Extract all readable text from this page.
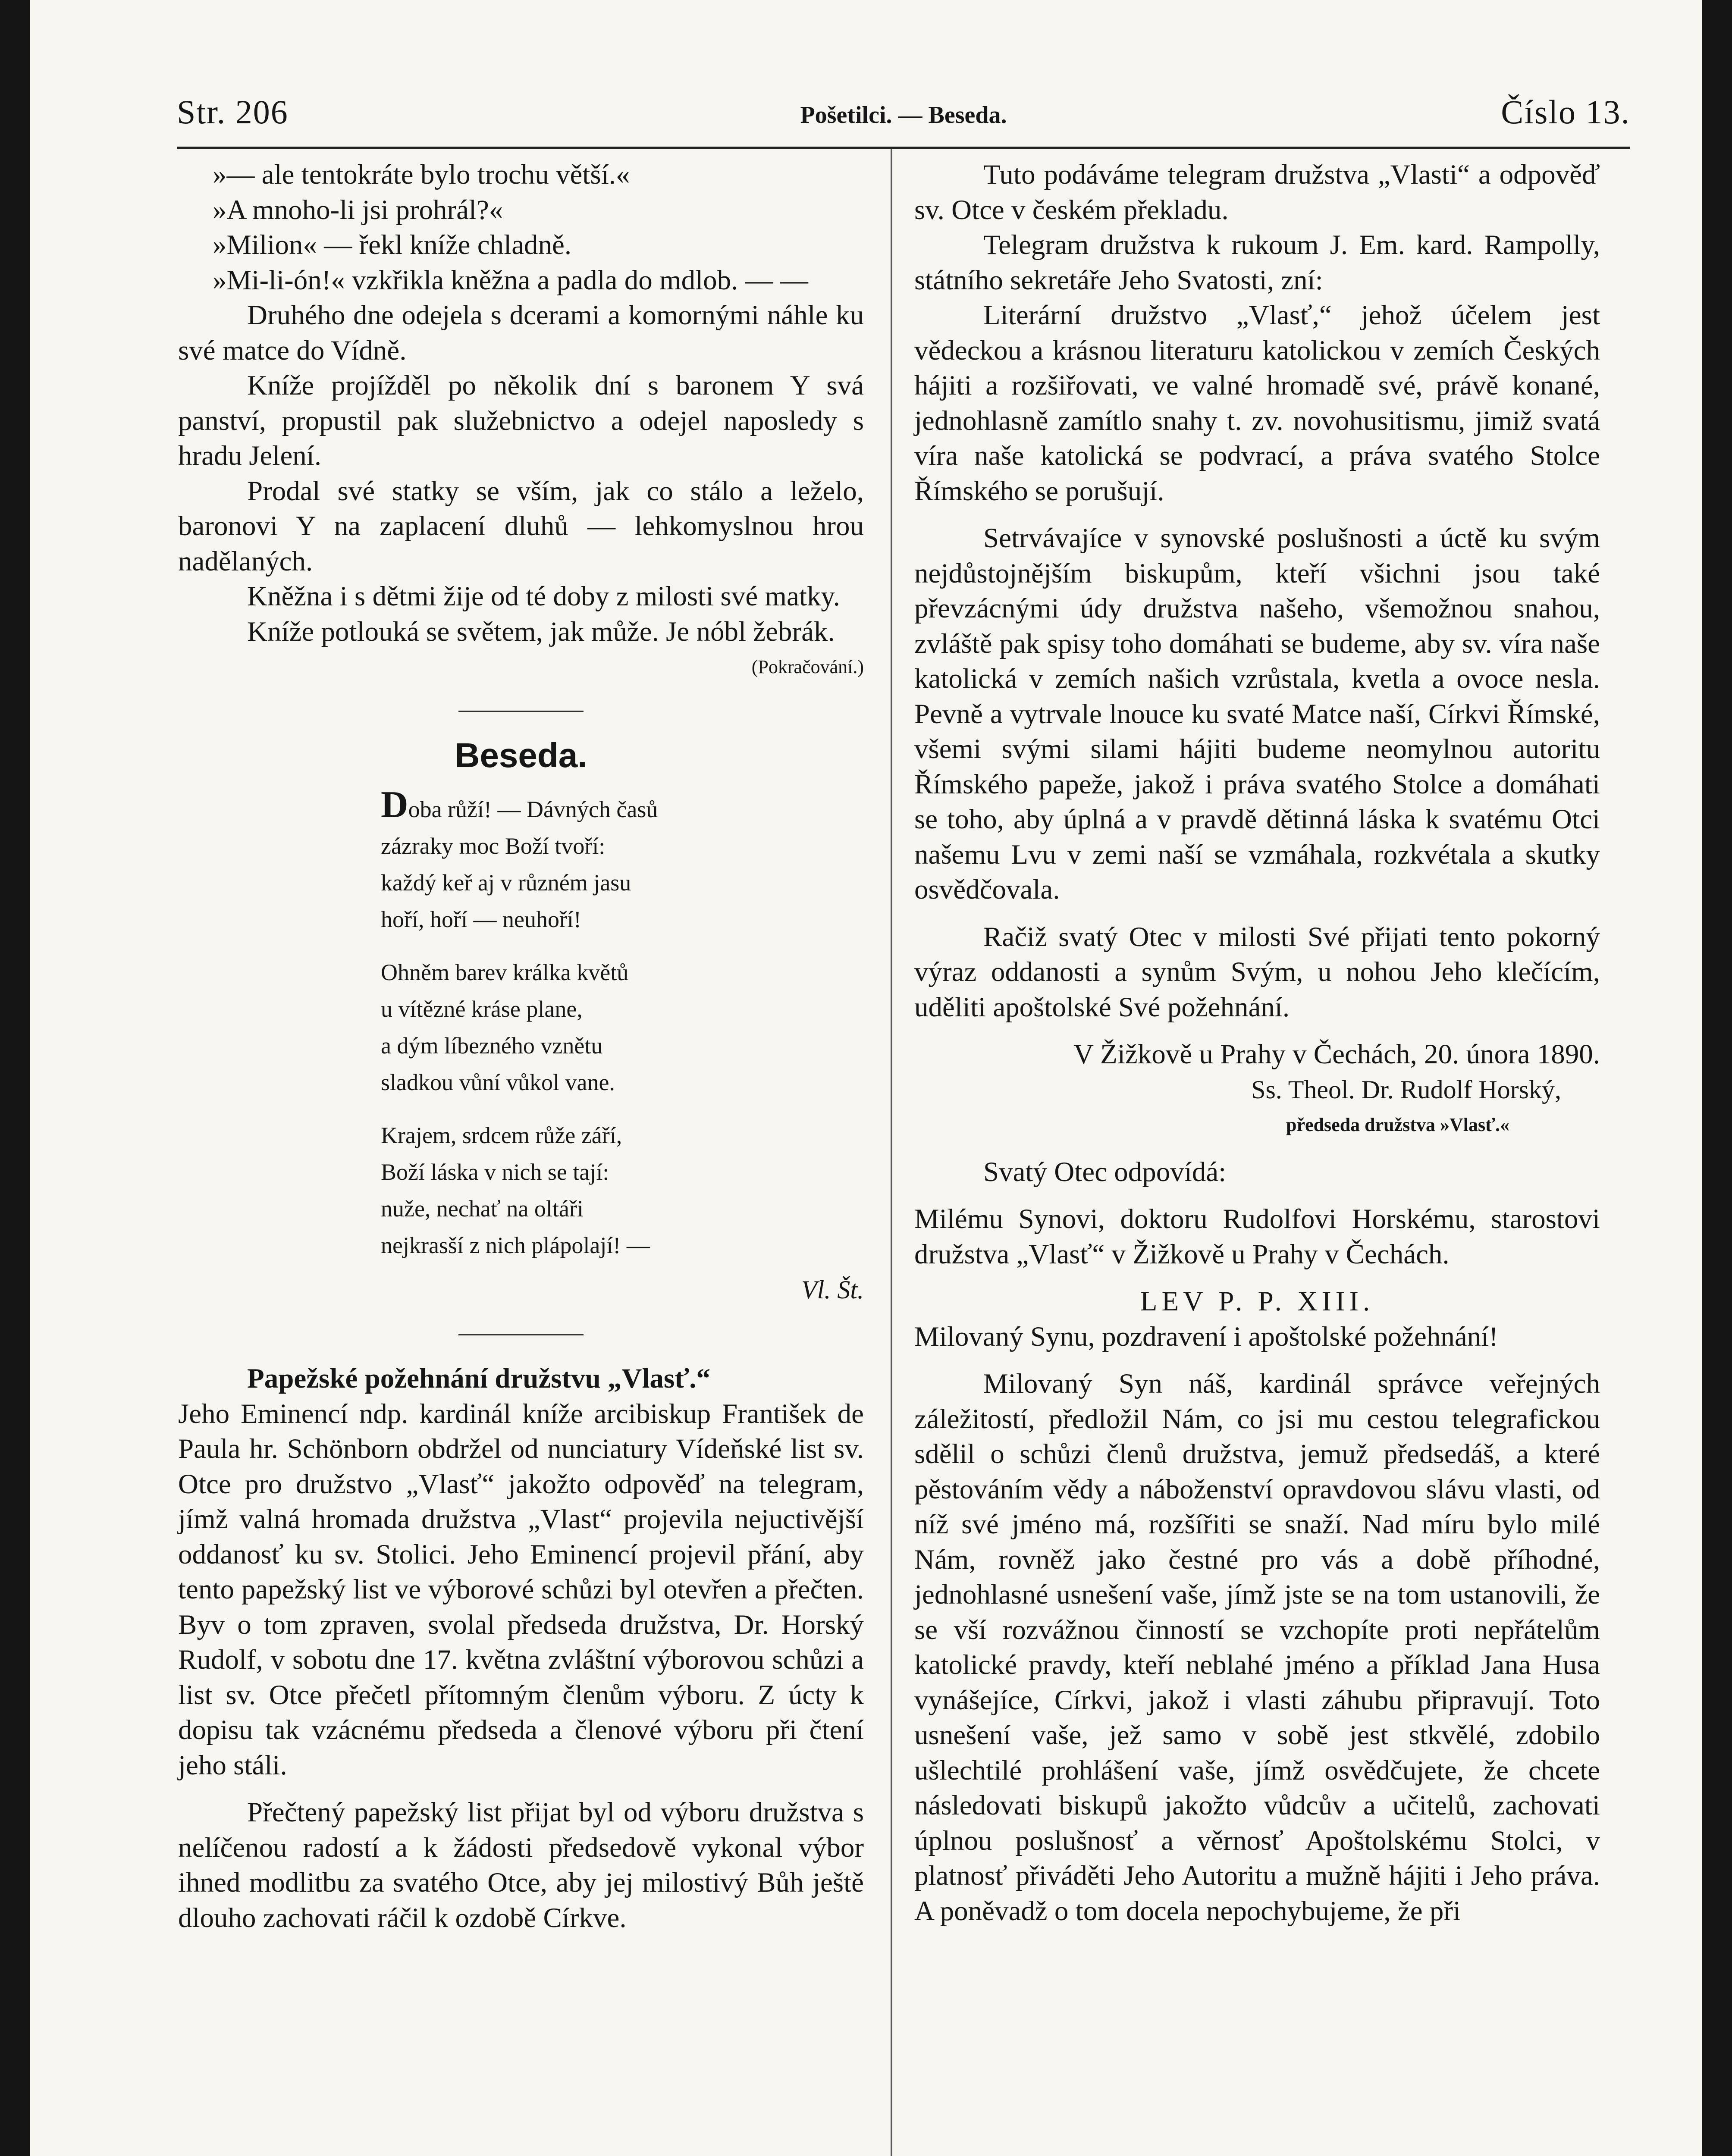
Str. 206	Pošetilci. — Beseda.	Číslo 13.

»— ale tentokráte bylo trochu větší.«

»A mnoho-li jsi prohrál?«

»Milion« — řekl kníže chladně.

»Mi-li-ón!« vzkřikla kněžna a padla do mdlob. — —

Druhého dne odejela s dcerami a komornými náhle ku své matce do Vídně.

Kníže projížděl po několik dní s baronem Y svá panství, propustil pak služebnictvo a odejel naposledy s hradu Jelení.

Prodal své statky se vším, jak co stálo a leželo, baronovi Y na zaplacení dluhů — lehkomyslnou hrou nadělaných.

Kněžna i s dětmi žije od té doby z milosti své matky.

Kníže potlouká se světem, jak může. Je nóbl žebrák.

(Pokračování.)

Beseda.
Doba růží! — Dávných časů
zázraky moc Boží tvoří:
každý keř aj v různém jasu
hoří, hoří — neuhoří!
Ohněm barev králka květů
u vítězné kráse plane,
a dým líbezného vznětu
sladkou vůní vůkol vane.
Krajem, srdcem růže září,
Boží láska v nich se tají:
nuže, nechať na oltáři
nejkrasší z nich plápolají! —
Vl. Št.

Papežské požehnání družstvu „Vlasť.“

Jeho Eminencí ndp. kardinál kníže arcibiskup František de Paula hr. Schönborn obdržel od nunciatury Vídeňské list sv. Otce pro družstvo „Vlasť“ jakožto odpověď na telegram, jímž valná hromada družstva „Vlast“ projevila nejuctivější oddanosť ku sv. Stolici. Jeho Eminencí projevil přání, aby tento papežský list ve výborové schůzi byl otevřen a přečten. Byv o tom zpraven, svolal předseda družstva, Dr. Horský Rudolf, v sobotu dne 17. května zvláštní výborovou schůzi a list sv. Otce přečetl přítomným členům výboru. Z úcty k dopisu tak vzácnému předseda a členové výboru při čtení jeho stáli.

Přečtený papežský list přijat byl od výboru družstva s nelíčenou radostí a k žádosti předsedově vykonal výbor ihned modlitbu za svatého Otce, aby jej milostivý Bůh ještě dlouho zachovati ráčil k ozdobě Církve.

Tuto podáváme telegram družstva „Vlasti“ a odpověď sv. Otce v českém překladu.

Telegram družstva k rukoum J. Em. kard. Rampolly, státního sekretáře Jeho Svatosti, zní:

Literární družstvo „Vlasť,“ jehož účelem jest vědeckou a krásnou literaturu katolickou v zemích Českých hájiti a rozšiřovati, ve valné hromadě své, právě konané, jednohlasně zamítlo snahy t. zv. novohusitismu, jimiž svatá víra naše katolická se podvrací, a práva svatého Stolce Římského se porušují.

Setrvávajíce v synovské poslušnosti a úctě ku svým nejdůstojnějším biskupům, kteří všichni jsou také převzácnými údy družstva našeho, všemožnou snahou, zvláště pak spisy toho domáhati se budeme, aby sv. víra naše katolická v zemích našich vzrůstala, kvetla a ovoce nesla. Pevně a vytrvale lnouce ku svaté Matce naší, Církvi Římské, všemi svými silami hájiti budeme neomylnou autoritu Římského papeže, jakož i práva svatého Stolce a domáhati se toho, aby úplná a v pravdě dětinná láska k svatému Otci našemu Lvu v zemi naší se vzmáhala, rozkvétala a skutky osvědčovala.

Račiž svatý Otec v milosti Své přijati tento pokorný výraz oddanosti a synům Svým, u nohou Jeho klečícím, uděliti apoštolské Své požehnání.

V Žižkově u Prahy v Čechách, 20. února 1890.

Ss. Theol. Dr. Rudolf Horský,

předseda družstva »Vlasť.«

Svatý Otec odpovídá:

Milému Synovi, doktoru Rudolfovi Horskému, starostovi družstva „Vlasť“ v Žižkově u Prahy v Čechách.

LEV P. P. XIII.

Milovaný Synu, pozdravení i apoštolské požehnání!

Milovaný Syn náš, kardinál správce veřejných záležitostí, předložil Nám, co jsi mu cestou telegrafickou sdělil o schůzi členů družstva, jemuž předsedáš, a které pěstováním vědy a náboženství opravdovou slávu vlasti, od níž své jméno má, rozšířiti se snaží. Nad míru bylo milé Nám, rovněž jako čestné pro vás a době příhodné, jednohlasné usnešení vaše, jímž jste se na tom ustanovili, že se vší rozvážnou činností se vzchopíte proti nepřátelům katolické pravdy, kteří neblahé jméno a příklad Jana Husa vynášejíce, Církvi, jakož i vlasti záhubu připravují. Toto usnešení vaše, jež samo v sobě jest stkvělé, zdobilo ušlechtilé prohlášení vaše, jímž osvědčujete, že chcete následovati biskupů jakožto vůdcův a učitelů, zachovati úplnou poslušnosť a věrnosť Apoštolskému Stolci, v platnosť přiváděti Jeho Autoritu a mužně hájiti i Jeho práva. A poněvadž o tom docela nepochybujeme, že při
